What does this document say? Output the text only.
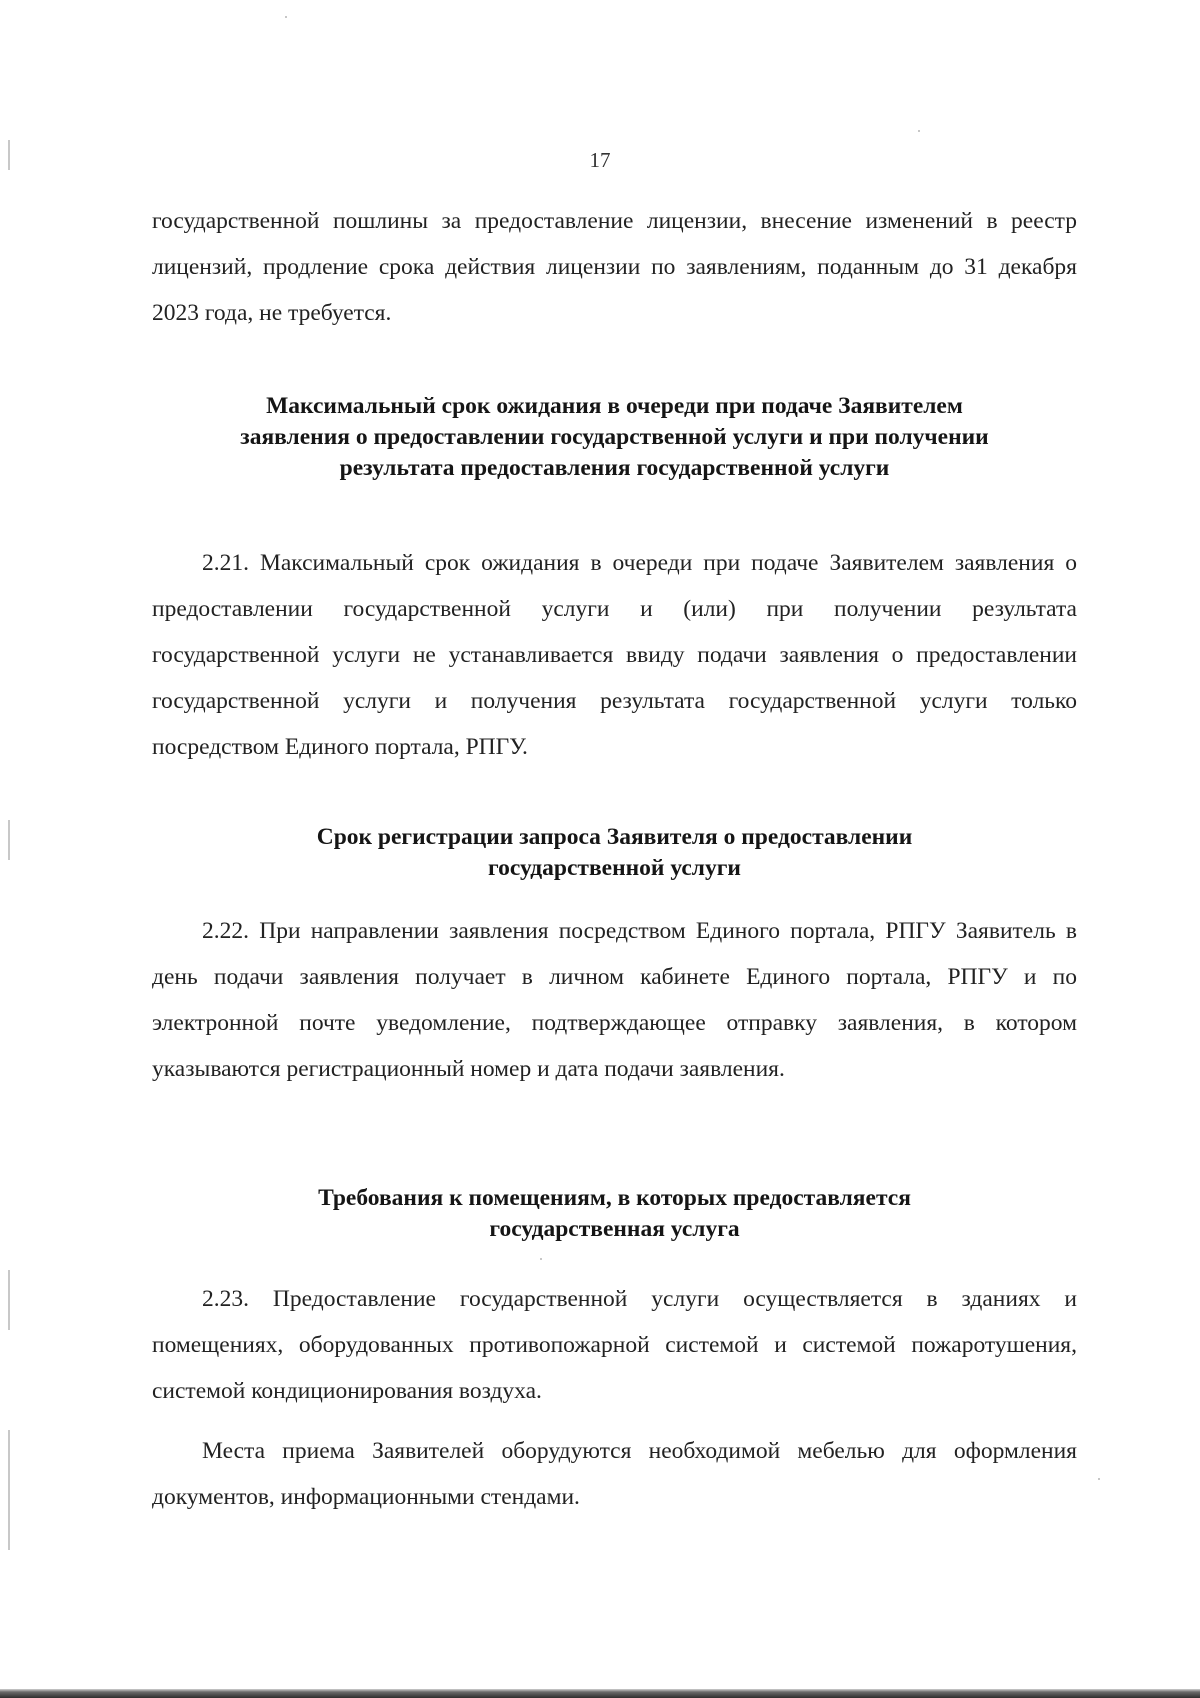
17

государственной пошлины за предоставление лицензии, внесение изменений в реестр лицензий, продление срока действия лицензии по заявлениям, поданным до 31 декабря 2023 года, не требуется.

Максимальный срок ожидания в очереди при подаче Заявителем
заявления о предоставлении государственной услуги и при получении
результата предоставления государственной услуги

2.21. Максимальный срок ожидания в очереди при подаче Заявителем заявления о предоставлении государственной услуги и (или) при получении результата государственной услуги не устанавливается ввиду подачи заявления о предоставлении государственной услуги и получения результата государственной услуги только посредством Единого портала, РПГУ.

Срок регистрации запроса Заявителя о предоставлении
государственной услуги

2.22. При направлении заявления посредством Единого портала, РПГУ Заявитель в день подачи заявления получает в личном кабинете Единого портала, РПГУ и по электронной почте уведомление, подтверждающее отправку заявления, в котором указываются регистрационный номер и дата подачи заявления.

Требования к помещениям, в которых предоставляется
государственная услуга

2.23. Предоставление государственной услуги осуществляется в зданиях и помещениях, оборудованных противопожарной системой и системой пожаротушения, системой кондиционирования воздуха.

Места приема Заявителей оборудуются необходимой мебелью для оформления документов, информационными стендами.
